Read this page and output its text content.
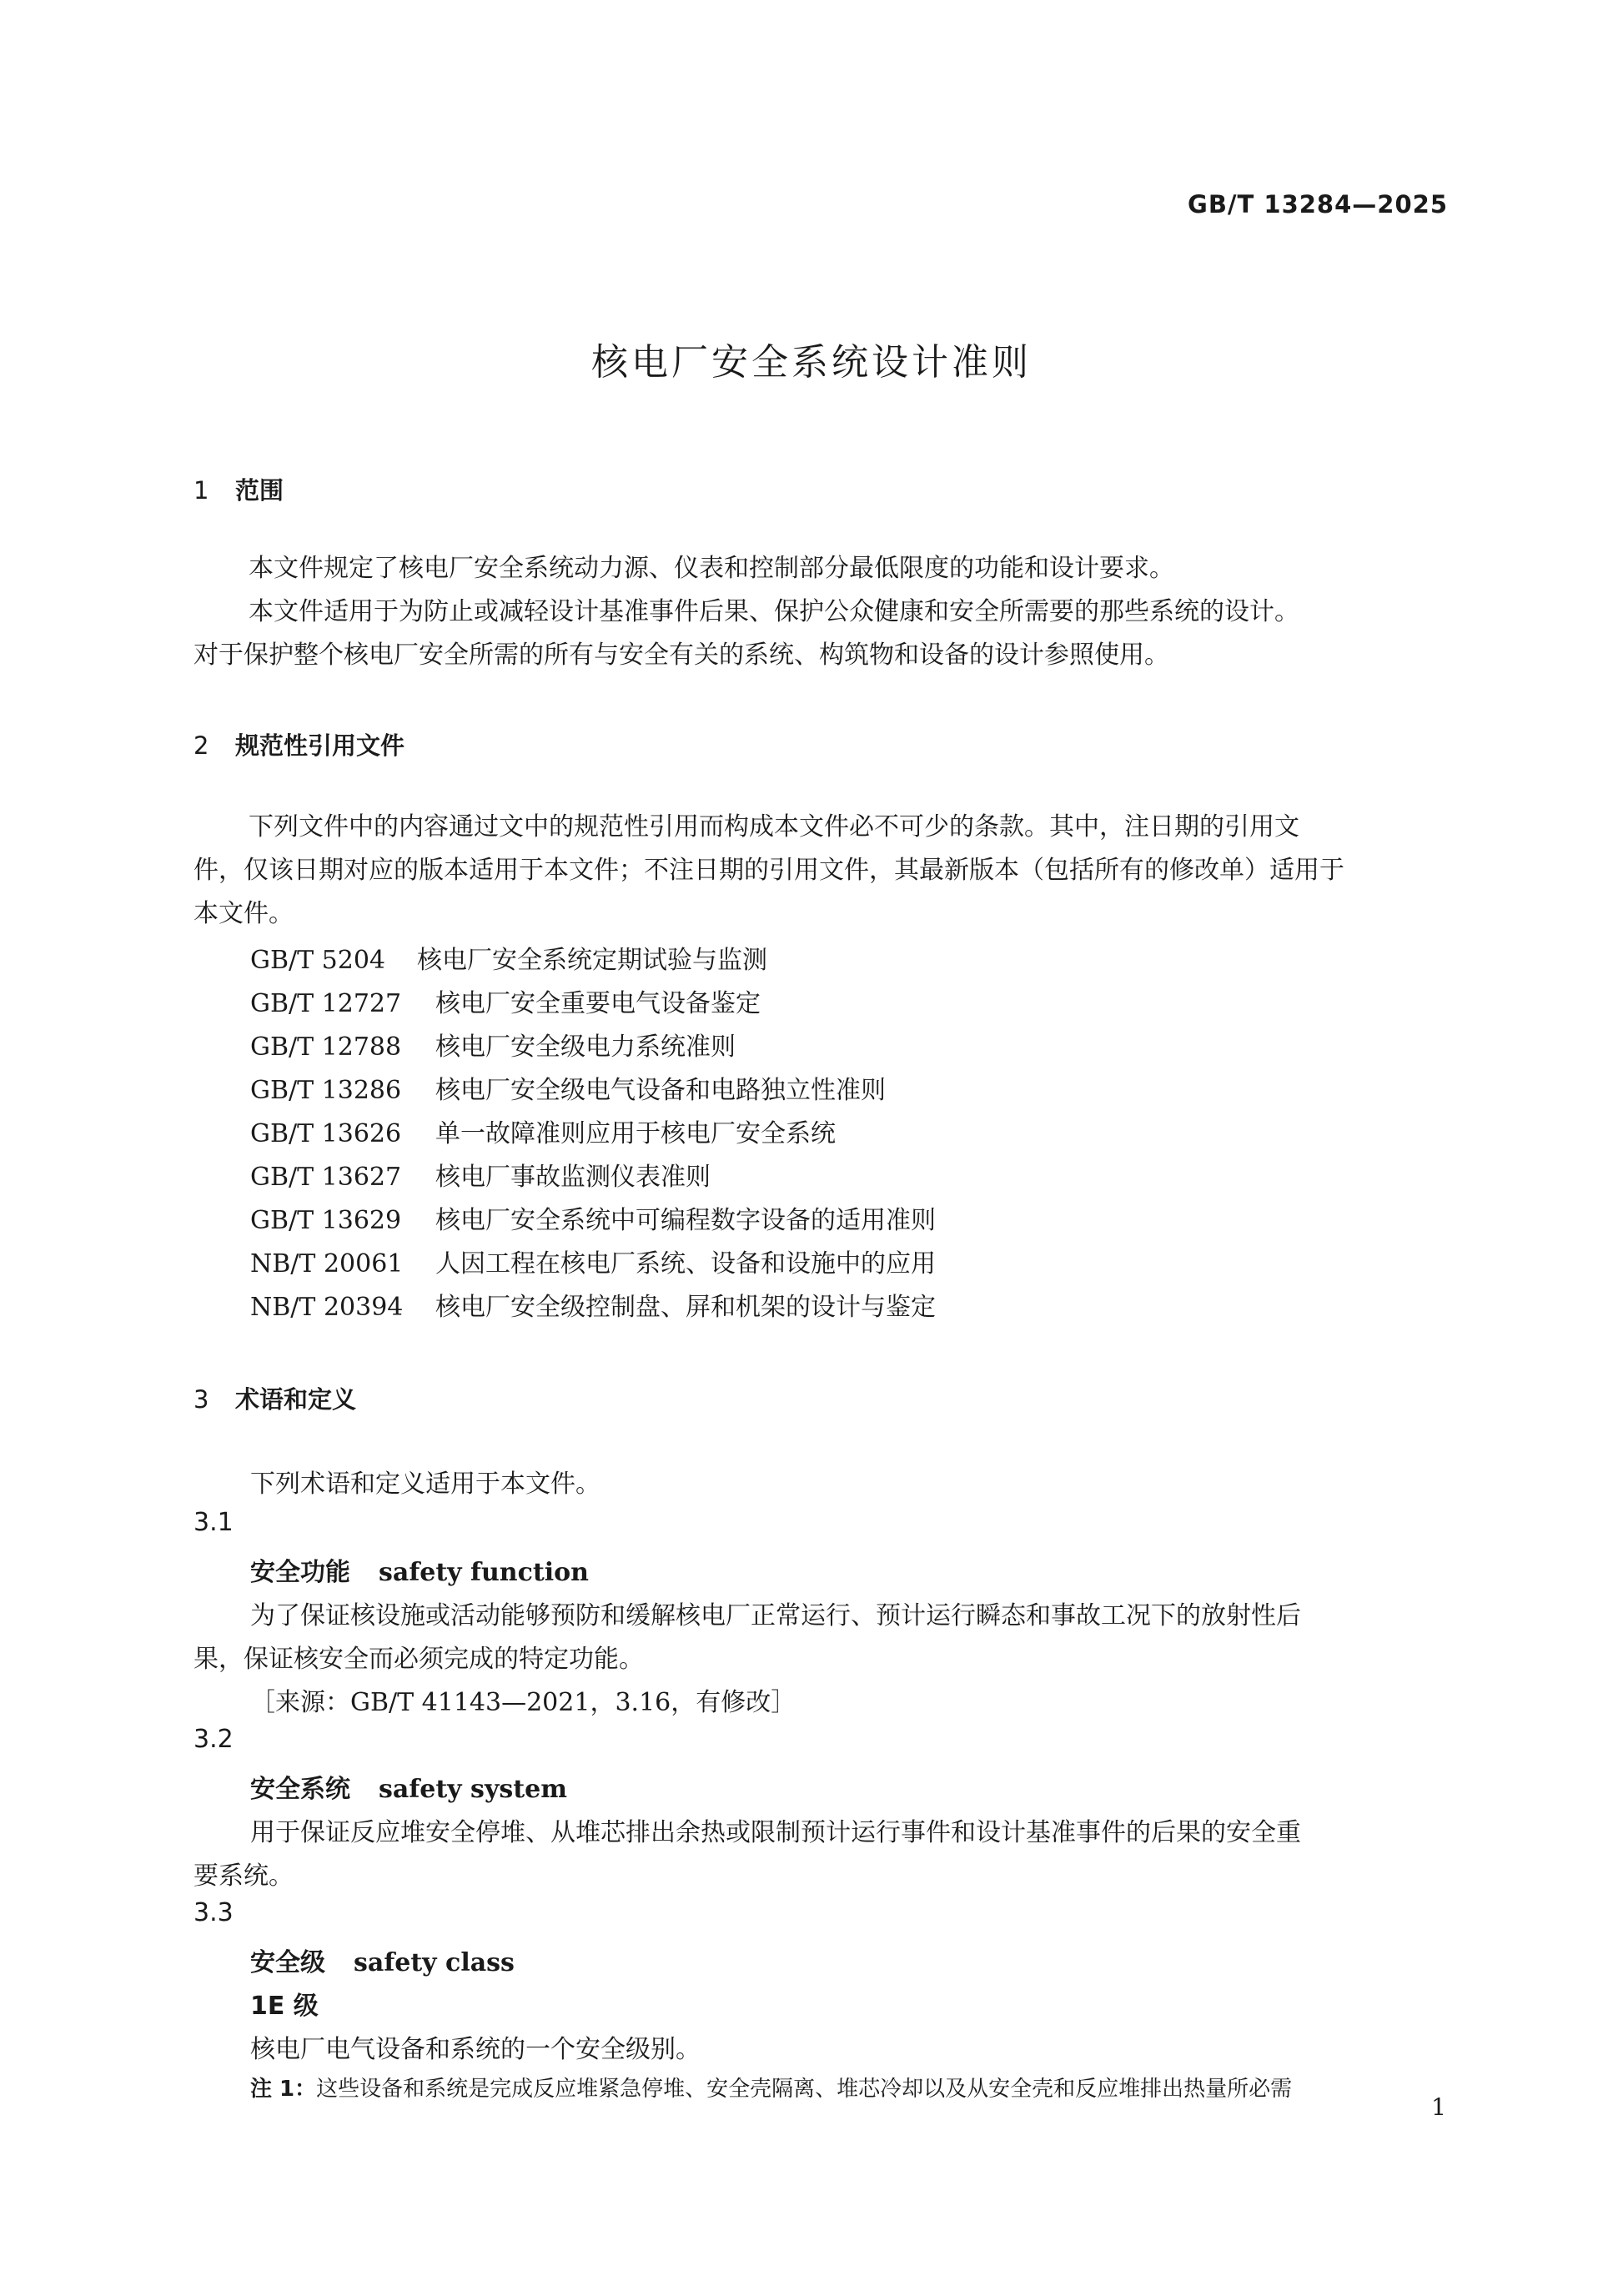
GB/T 13284—2025
核电厂安全系统设计准则
1 范围
本文件规定了核电厂安全系统动力源、仪表和控制部分最低限度的功能和设计要求。
本文件适用于为防止或减轻设计基准事件后果、保护公众健康和安全所需要的那些系统的设计。
对于保护整个核电厂安全所需的所有与安全有关的系统、构筑物和设备的设计参照使用。
2 规范性引用文件
下列文件中的内容通过文中的规范性引用而构成本文件必不可少的条款。其中，注日期的引用文
件，仅该日期对应的版本适用于本文件；不注日期的引用文件，其最新版本（包括所有的修改单）适用于
本文件。
GB/T 5204 核电厂安全系统定期试验与监测
GB/T 12727 核电厂安全重要电气设备鉴定
GB/T 12788 核电厂安全级电力系统准则
GB/T 13286 核电厂安全级电气设备和电路独立性准则
GB/T 13626 单一故障准则应用于核电厂安全系统
GB/T 13627 核电厂事故监测仪表准则
GB/T 13629 核电厂安全系统中可编程数字设备的适用准则
NB/T 20061 人因工程在核电厂系统、设备和设施中的应用
NB/T 20394 核电厂安全级控制盘、屏和机架的设计与鉴定
3 术语和定义
下列术语和定义适用于本文件。
3.1
安全功能 safety function
为了保证核设施或活动能够预防和缓解核电厂正常运行、预计运行瞬态和事故工况下的放射性后
果，保证核安全而必须完成的特定功能。
［来源：GB/T 41143—2021，3.16，有修改］
3.2
安全系统 safety system
用于保证反应堆安全停堆、从堆芯排出余热或限制预计运行事件和设计基准事件的后果的安全重
要系统。
3.3
安全级 safety class
1E 级
核电厂电气设备和系统的一个安全级别。
注 1：这些设备和系统是完成反应堆紧急停堆、安全壳隔离、堆芯冷却以及从安全壳和反应堆排出热量所必需
1
